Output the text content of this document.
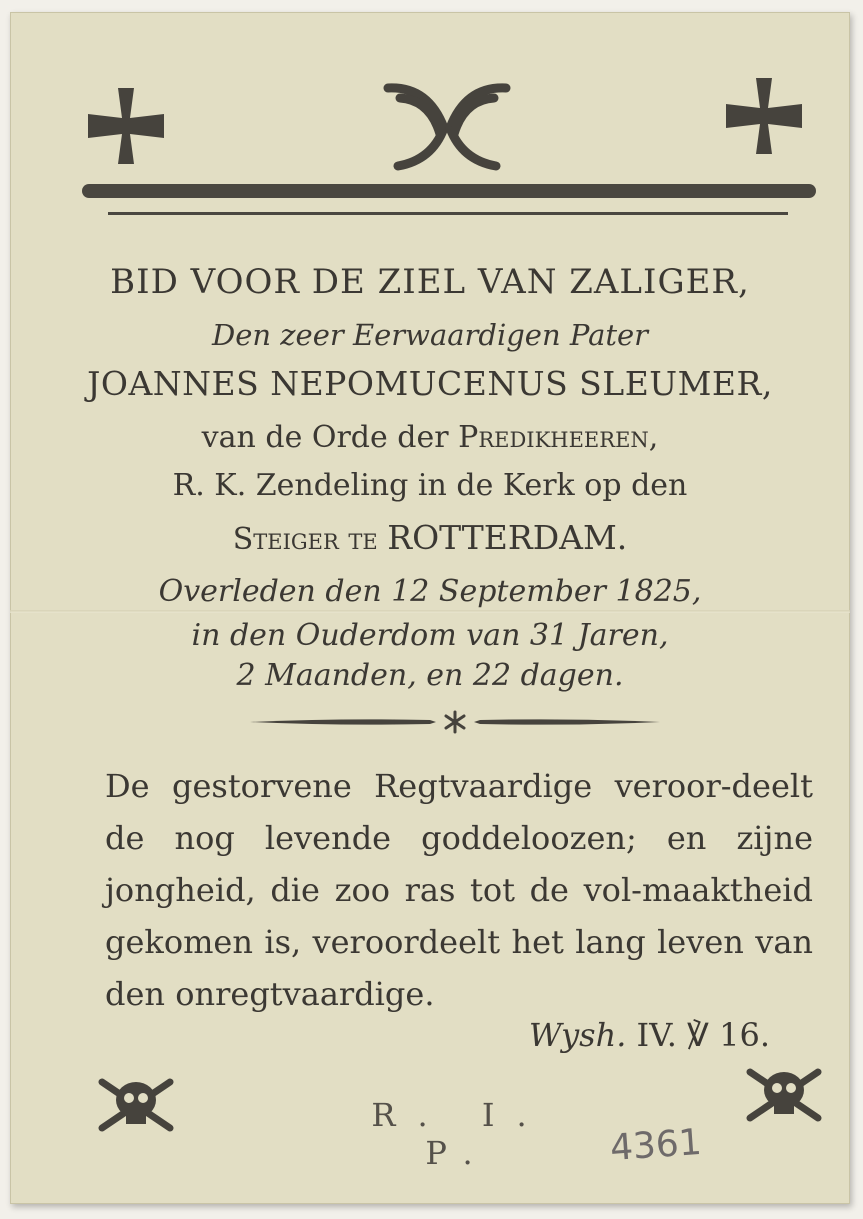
BID VOOR DE ZIEL VAN ZALIGER,
Den zeer Eerwaardigen Pater
JOANNES NEPOMUCENUS SLEUMER,
van de Orde der Predikheeren,
R. K. Zendeling in de Kerk op den
Steiger te ROTTERDAM.
Overleden den 12 September 1825,
in den Ouderdom van 31 Jaren,
2 Maanden, en 22 dagen.
De gestorvene Regtvaardige veroor-deelt de nog levende goddeloozen; en zijne jongheid, die zoo ras tot de vol-maaktheid gekomen is, veroordeelt het lang leven van den onregtvaardige.
Wysh. IV. ℣ 16.
R. I. P.	4361
